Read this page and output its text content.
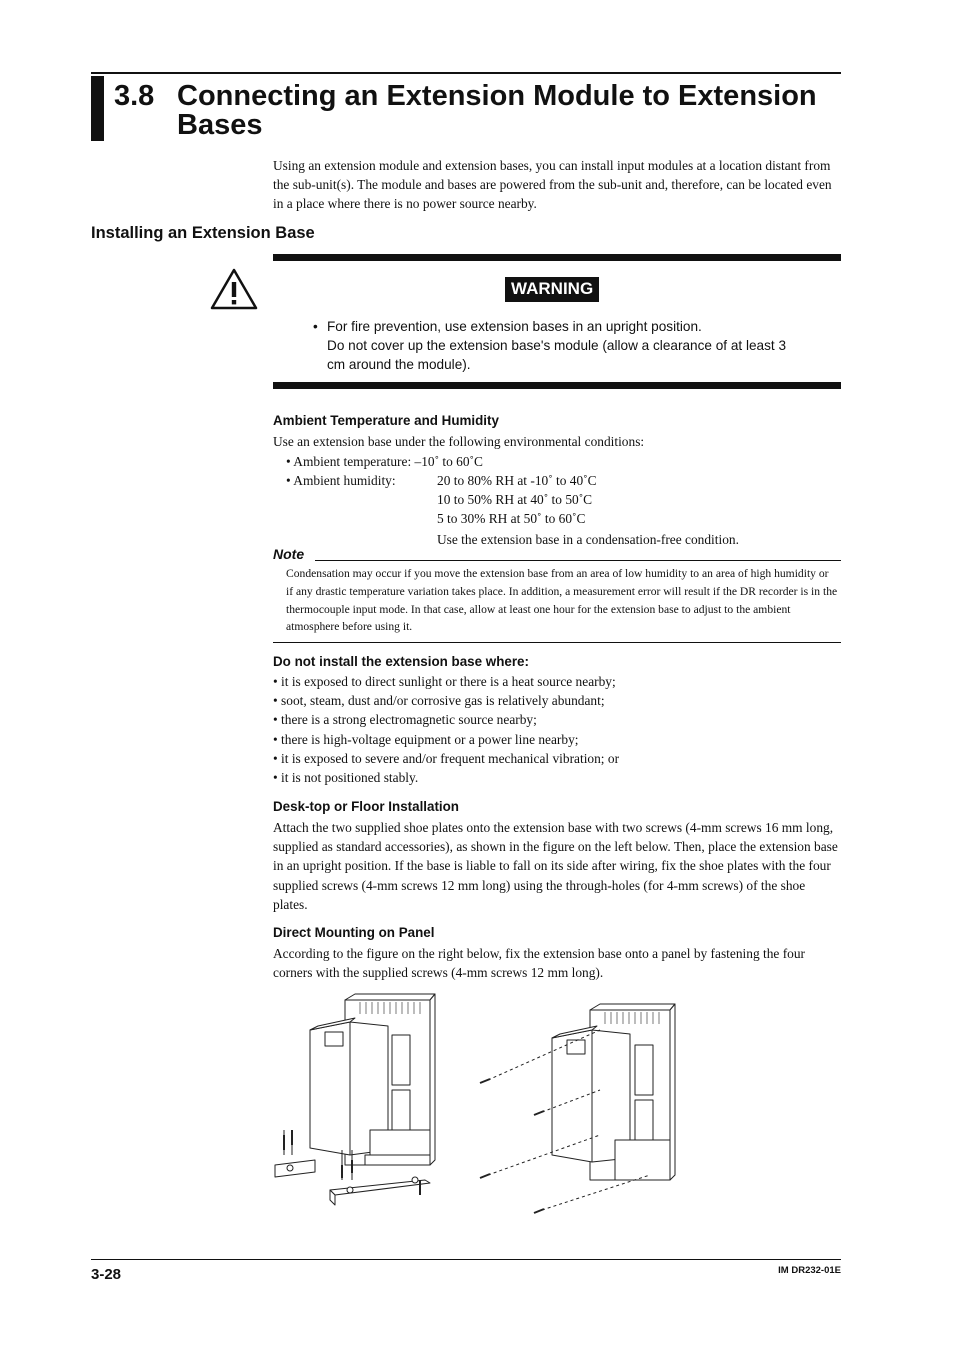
3.8 Connecting an Extension Module to Extension
Bases
Using an extension module and extension bases, you can install input modules at a location distant from the sub-unit(s). The module and bases are powered from the sub-unit and, therefore, can be located even in a place where there is no power source nearby.
Installing an Extension Base
WARNING
• For fire prevention, use extension bases in an upright position.
Do not cover up the extension base's module (allow a clearance of at least 3 cm around the module).
Ambient Temperature and Humidity
Use an extension base under the following environmental conditions:
• Ambient temperature: –10˚ to 60˚C
• Ambient humidity:	20 to 80% RH at -10˚ to 40˚C
10 to 50% RH at 40˚ to 50˚C
5 to 30% RH at 50˚ to 60˚C
Use the extension base in a condensation-free condition.
Note
Condensation may occur if you move the extension base from an area of low humidity to an area of high humidity or if any drastic temperature variation takes place. In addition, a measurement error will result if the DR recorder is in the thermocouple input mode. In that case, allow at least one hour for the extension base to adjust to the ambient atmosphere before using it.
Do not install the extension base where:
• it is exposed to direct sunlight or there is a heat source nearby;
• soot, steam, dust and/or corrosive gas is relatively abundant;
• there is a strong electromagnetic source nearby;
• there is high-voltage equipment or a power line nearby;
• it is exposed to severe and/or frequent mechanical vibration; or
• it is not positioned stably.
Desk-top or Floor Installation
Attach the two supplied shoe plates onto the extension base with two screws (4-mm screws 16 mm long, supplied as standard accessories), as shown in the figure on the left below. Then, place the extension base in an upright position. If the base is liable to fall on its side after wiring, fix the shoe plates with the four supplied screws (4-mm screws 12 mm long) using the through-holes (for 4-mm screws) of the shoe plates.
Direct Mounting on Panel
According to the figure on the right below, fix the extension base onto a panel by fastening the four corners with the supplied screws (4-mm screws 12 mm long).
3-28	IM DR232-01E
